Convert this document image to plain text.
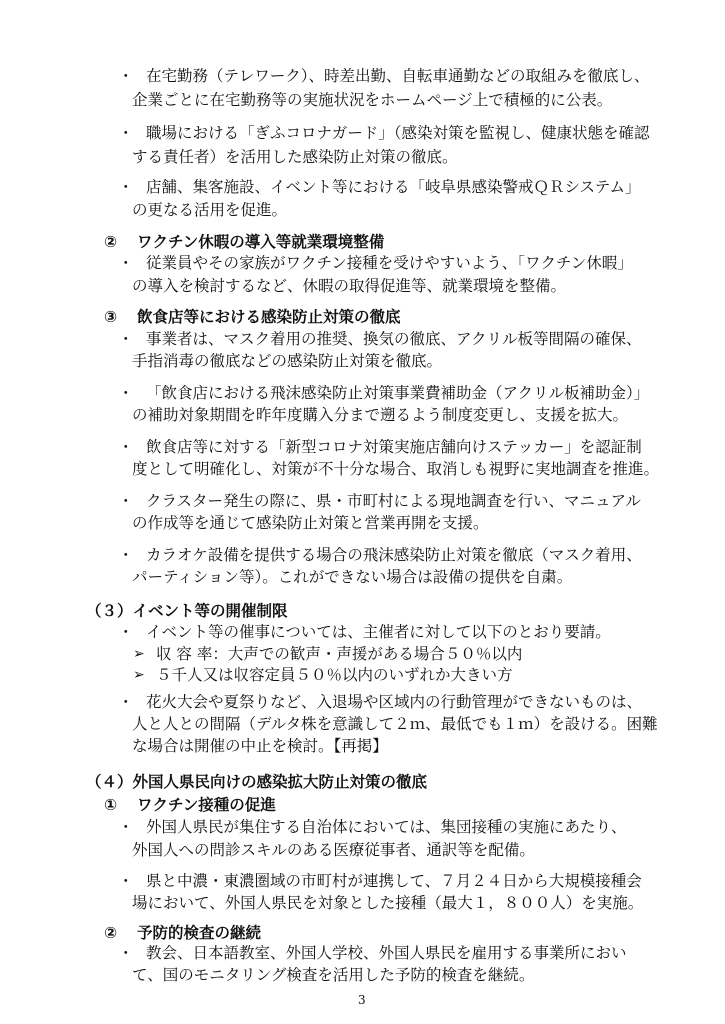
・ 在宅勤務（テレワーク）、時差出勤、自転車通勤などの取組みを徹底し、
企業ごとに在宅勤務等の実施状況をホームページ上で積極的に公表。
・ 職場における「ぎふコロナガード」（感染対策を監視し、健康状態を確認
する責任者）を活用した感染防止対策の徹底。
・ 店舗、集客施設、イベント等における「岐阜県感染警戒ＱＲシステム」
の更なる活用を促進。
② ワクチン休暇の導入等就業環境整備
・ 従業員やその家族がワクチン接種を受けやすいよう、「ワクチン休暇」
の導入を検討するなど、休暇の取得促進等、就業環境を整備。
③ 飲食店等における感染防止対策の徹底
・ 事業者は、マスク着用の推奨、換気の徹底、アクリル板等間隔の確保、
手指消毒の徹底などの感染防止対策を徹底。
・ 「飲食店における飛沫感染防止対策事業費補助金（アクリル板補助金）」
の補助対象期間を昨年度購入分まで遡るよう制度変更し、支援を拡大。
・ 飲食店等に対する「新型コロナ対策実施店舗向けステッカー」を認証制
度として明確化し、対策が不十分な場合、取消しも視野に実地調査を推進。
・ クラスター発生の際に、県・市町村による現地調査を行い、マニュアル
の作成等を通じて感染防止対策と営業再開を支援。
・ カラオケ設備を提供する場合の飛沫感染防止対策を徹底（マスク着用、
パーティション等）。これができない場合は設備の提供を自粛。
（３）イベント等の開催制限
・ イベント等の催事については、主催者に対して以下のとおり要請。
➢ 収 容 率：大声での歓声・声援がある場合５０％以内
➢ ５千人又は収容定員５０％以内のいずれか大きい方
・ 花火大会や夏祭りなど、入退場や区域内の行動管理ができないものは、
人と人との間隔（デルタ株を意識して２ｍ、最低でも１ｍ）を設ける。困難
な場合は開催の中止を検討。【再掲】
（４）外国人県民向けの感染拡大防止対策の徹底
① ワクチン接種の促進
・ 外国人県民が集住する自治体においては、集団接種の実施にあたり、
外国人への問診スキルのある医療従事者、通訳等を配備。
・ 県と中濃・東濃圏域の市町村が連携して、７月２４日から大規模接種会
場において、外国人県民を対象とした接種（最大１，８００人）を実施。
② 予防的検査の継続
・ 教会、日本語教室、外国人学校、外国人県民を雇用する事業所におい
て、国のモニタリング検査を活用した予防的検査を継続。
3
